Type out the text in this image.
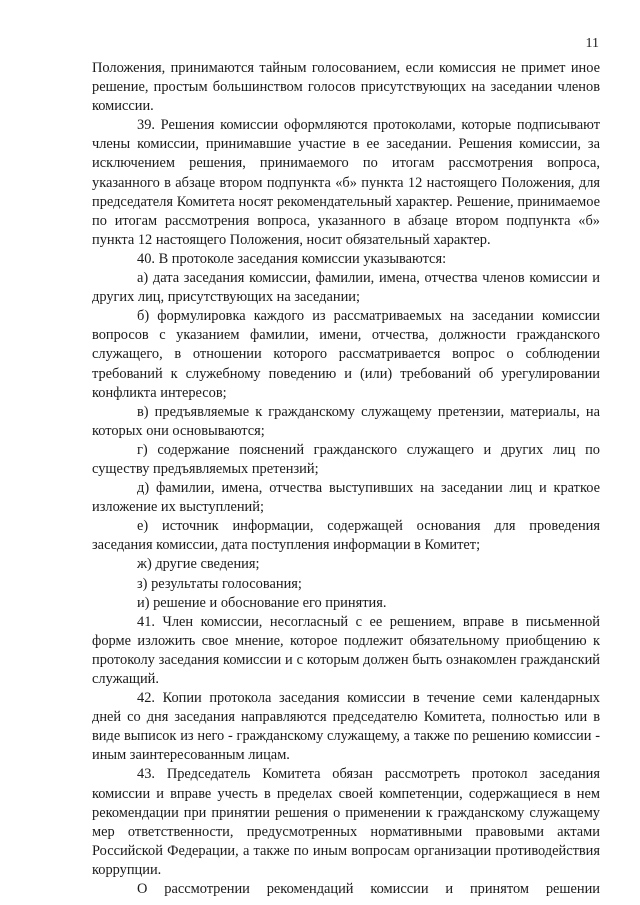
11

Положения, принимаются тайным голосованием, если комиссия не примет иное решение, простым большинством голосов присутствующих на заседании членов комиссии.

39. Решения комиссии оформляются протоколами, которые подписывают члены комиссии, принимавшие участие в ее заседании. Решения комиссии, за исключением решения, принимаемого по итогам рассмотрения вопроса, указанного в абзаце втором подпункта «б» пункта 12 настоящего Положения, для председателя Комитета носят рекомендательный характер. Решение, принимаемое по итогам рассмотрения вопроса, указанного в абзаце втором подпункта «б» пункта 12 настоящего Положения, носит обязательный характер.

40. В протоколе заседания комиссии указываются:

а) дата заседания комиссии, фамилии, имена, отчества членов комиссии и других лиц, присутствующих на заседании;

б) формулировка каждого из рассматриваемых на заседании комиссии вопросов с указанием фамилии, имени, отчества, должности гражданского служащего, в отношении которого рассматривается вопрос о соблюдении требований к служебному поведению и (или) требований об урегулировании конфликта интересов;

в) предъявляемые к гражданскому служащему претензии, материалы, на которых они основываются;

г) содержание пояснений гражданского служащего и других лиц по существу предъявляемых претензий;

д) фамилии, имена, отчества выступивших на заседании лиц и краткое изложение их выступлений;

е) источник информации, содержащей основания для проведения заседания комиссии, дата поступления информации в Комитет;

ж) другие сведения;

з) результаты голосования;

и) решение и обоснование его принятия.

41. Член комиссии, несогласный с ее решением, вправе в письменной форме изложить свое мнение, которое подлежит обязательному приобщению к протоколу заседания комиссии и с которым должен быть ознакомлен гражданский служащий.

42. Копии протокола заседания комиссии в течение семи календарных дней со дня заседания направляются председателю Комитета, полностью или в виде выписок из него - гражданскому служащему, а также по решению комиссии - иным заинтересованным лицам.

43. Председатель Комитета обязан рассмотреть протокол заседания комиссии и вправе учесть в пределах своей компетенции, содержащиеся в нем рекомендации при принятии решения о применении к гражданскому служащему мер ответственности, предусмотренных нормативными правовыми актами Российской Федерации, а также по иным вопросам организации противодействия коррупции.

О рассмотрении рекомендаций комиссии и принятом решении
